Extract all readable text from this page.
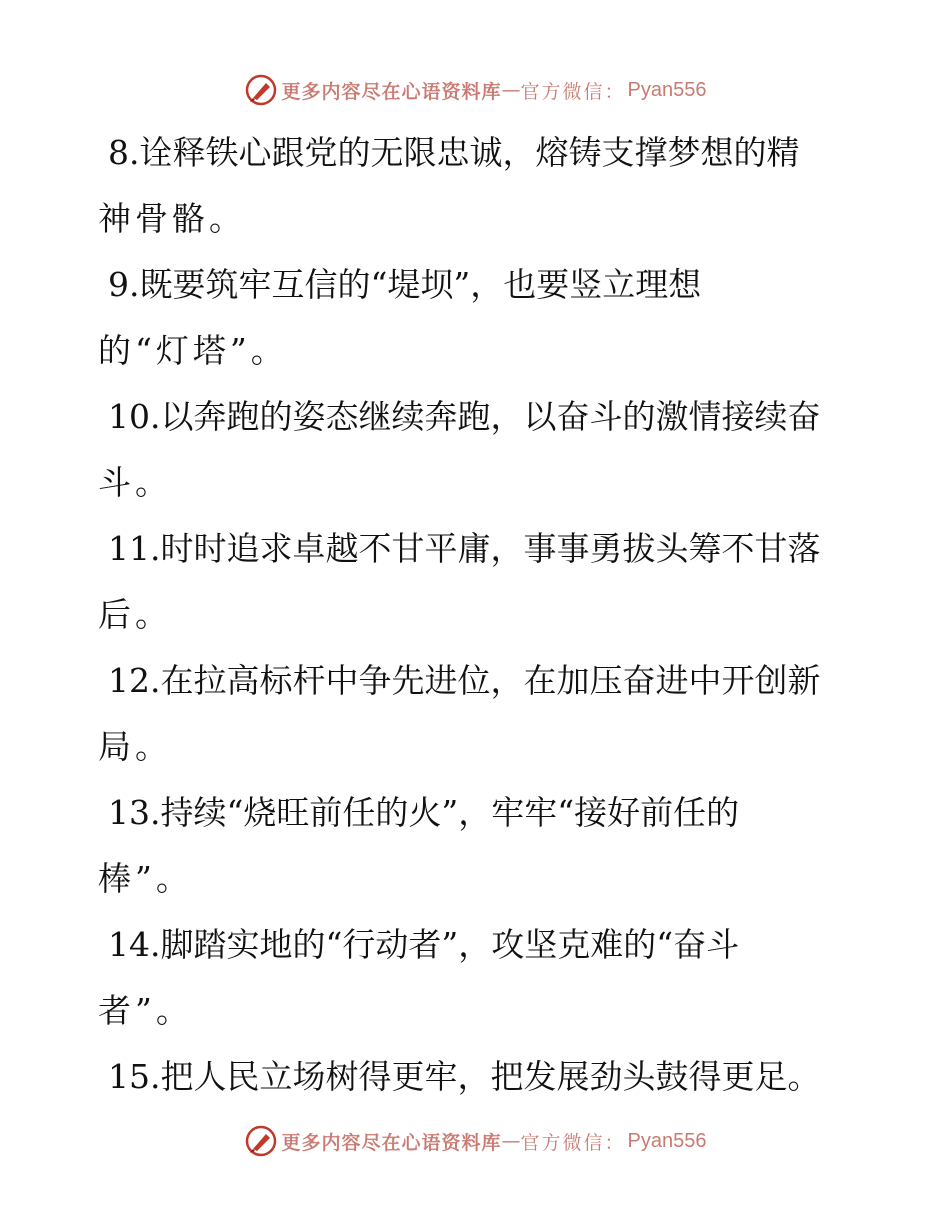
更多内容尽在心语资料库 — 官方微信： Pyan556
8.诠释铁心跟党的无限忠诚，熔铸支撑梦想的精
神骨骼。
9.既要筑牢互信的“堤坝”，也要竖立理想
的“灯塔”。
10.以奔跑的姿态继续奔跑，以奋斗的激情接续奋
斗。
11.时时追求卓越不甘平庸，事事勇拔头筹不甘落
后。
12.在拉高标杆中争先进位，在加压奋进中开创新
局。
13.持续“烧旺前任的火”，牢牢“接好前任的
棒”。
14.脚踏实地的“行动者”，攻坚克难的“奋斗
者”。
15.把人民立场树得更牢，把发展劲头鼓得更足。
更多内容尽在心语资料库 — 官方微信： Pyan556
